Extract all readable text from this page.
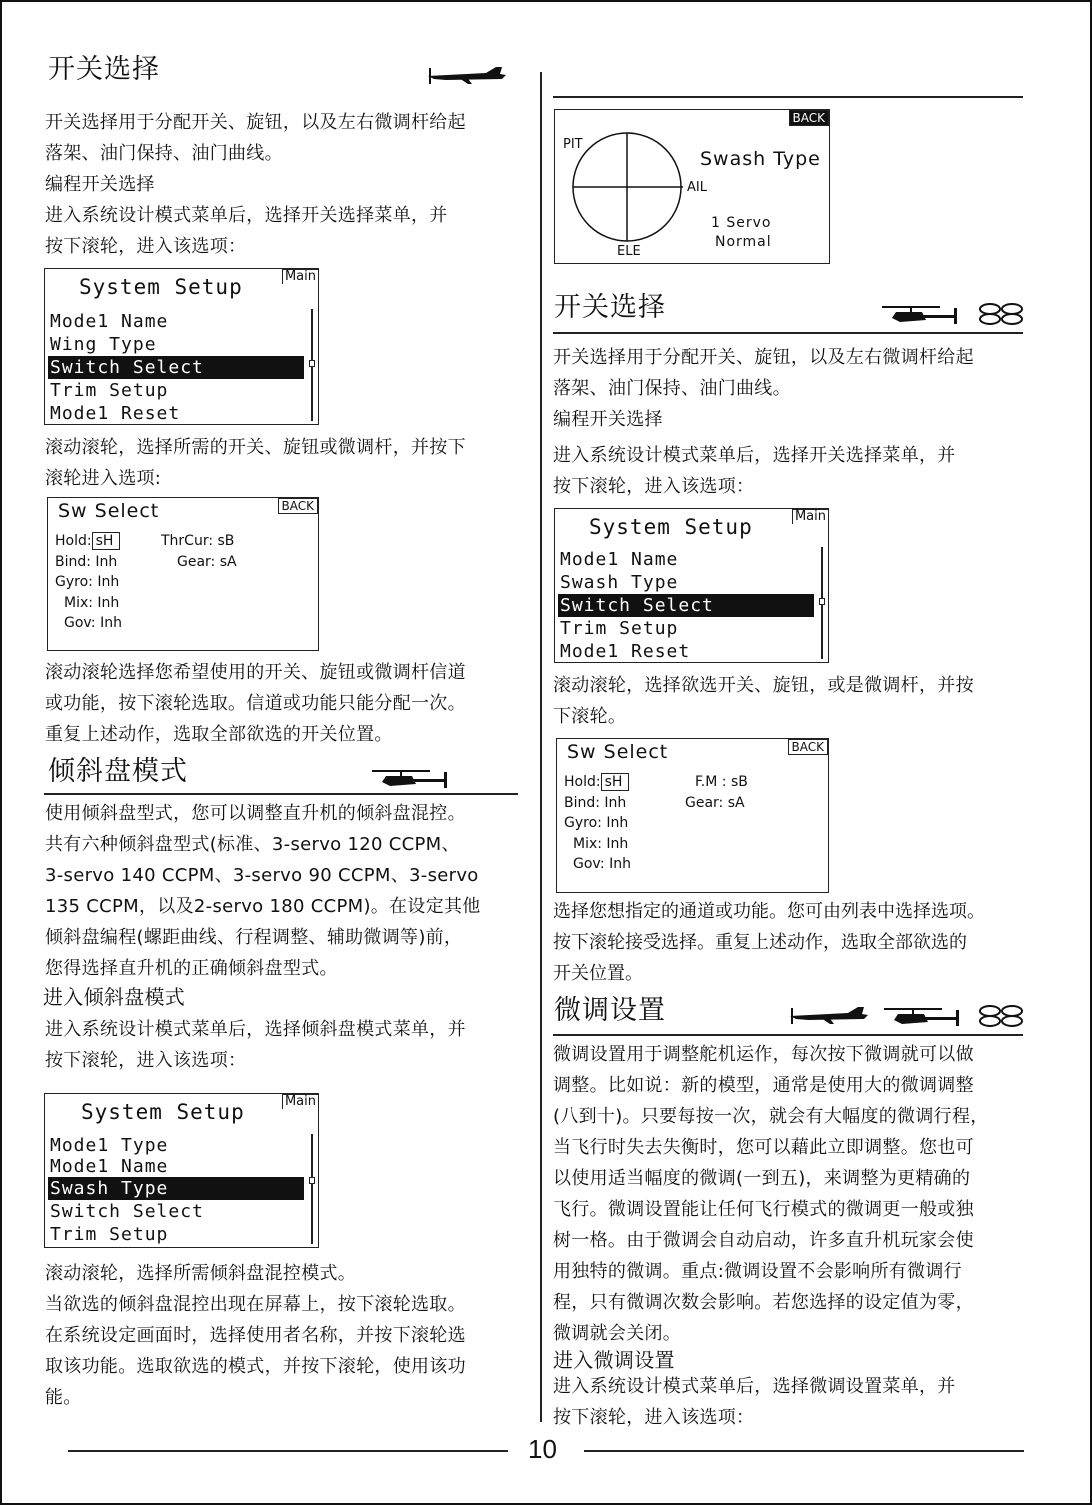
开关选择
开关选择用于分配开关、旋钮，以及左右微调杆给起
落架、油门保持、油门曲线。
编程开关选择
进入系统设计模式菜单后，选择开关选择菜单，并
按下滚轮，进入该选项：
System Setup	Main
Mode1 Name
Wing Type
Switch Select
Trim Setup
Mode1 Reset
滚动滚轮，选择所需的开关、旋钮或微调杆，并按下
滚轮进入选项:
Sw Select	BACK
Hold: sH
Bind: Inh
Gyro: Inh
Mix: Inh
Gov: Inh
ThrCur: sB
Gear: sA
滚动滚轮选择您希望使用的开关、旋钮或微调杆信道
或功能，按下滚轮选取。信道或功能只能分配一次。
重复上述动作，选取全部欲选的开关位置。
倾斜盘模式
使用倾斜盘型式，您可以调整直升机的倾斜盘混控。
共有六种倾斜盘型式(标准、3-servo 120 CCPM、
3-servo 140 CCPM、3-servo 90 CCPM、3-servo
135 CCPM，以及2-servo 180 CCPM)。在设定其他
倾斜盘编程(螺距曲线、行程调整、辅助微调等)前，
您得选择直升机的正确倾斜盘型式。
进入倾斜盘模式
进入系统设计模式菜单后，选择倾斜盘模式菜单，并
按下滚轮，进入该选项：
System Setup	Main
Mode1 Type
Mode1 Name
Swash Type
Switch Select
Trim Setup
滚动滚轮，选择所需倾斜盘混控模式。
当欲选的倾斜盘混控出现在屏幕上，按下滚轮选取。
在系统设定画面时，选择使用者名称，并按下滚轮选
取该功能。选取欲选的模式，并按下滚轮，使用该功
能。
BACK
PIT
AIL
ELE
Swash Type
1 Servo
Normal
开关选择
开关选择用于分配开关、旋钮，以及左右微调杆给起
落架、油门保持、油门曲线。
编程开关选择
进入系统设计模式菜单后，选择开关选择菜单，并
按下滚轮，进入该选项：
System Setup	Main
Mode1 Name
Swash Type
Switch Select
Trim Setup
Mode1 Reset
滚动滚轮，选择欲选开关、旋钮，或是微调杆，并按
下滚轮。
Sw Select	BACK
Hold: sH
Bind: Inh
Gyro: Inh
Mix: Inh
Gov: Inh
F.M : sB
Gear: sA
选择您想指定的通道或功能。您可由列表中选择选项。
按下滚轮接受选择。重复上述动作，选取全部欲选的
开关位置。
微调设置
微调设置用于调整舵机运作，每次按下微调就可以做
调整。比如说：新的模型，通常是使用大的微调调整
(八到十)。只要每按一次，就会有大幅度的微调行程，
当飞行时失去失衡时，您可以藉此立即调整。您也可
以使用适当幅度的微调(一到五)，来调整为更精确的
飞行。微调设置能让任何飞行模式的微调更一般或独
树一格。由于微调会自动启动，许多直升机玩家会使
用独特的微调。重点:微调设置不会影响所有微调行
程，只有微调次数会影响。若您选择的设定值为零，
微调就会关闭。
进入微调设置
进入系统设计模式菜单后，选择微调设置菜单，并
按下滚轮，进入该选项：
10
